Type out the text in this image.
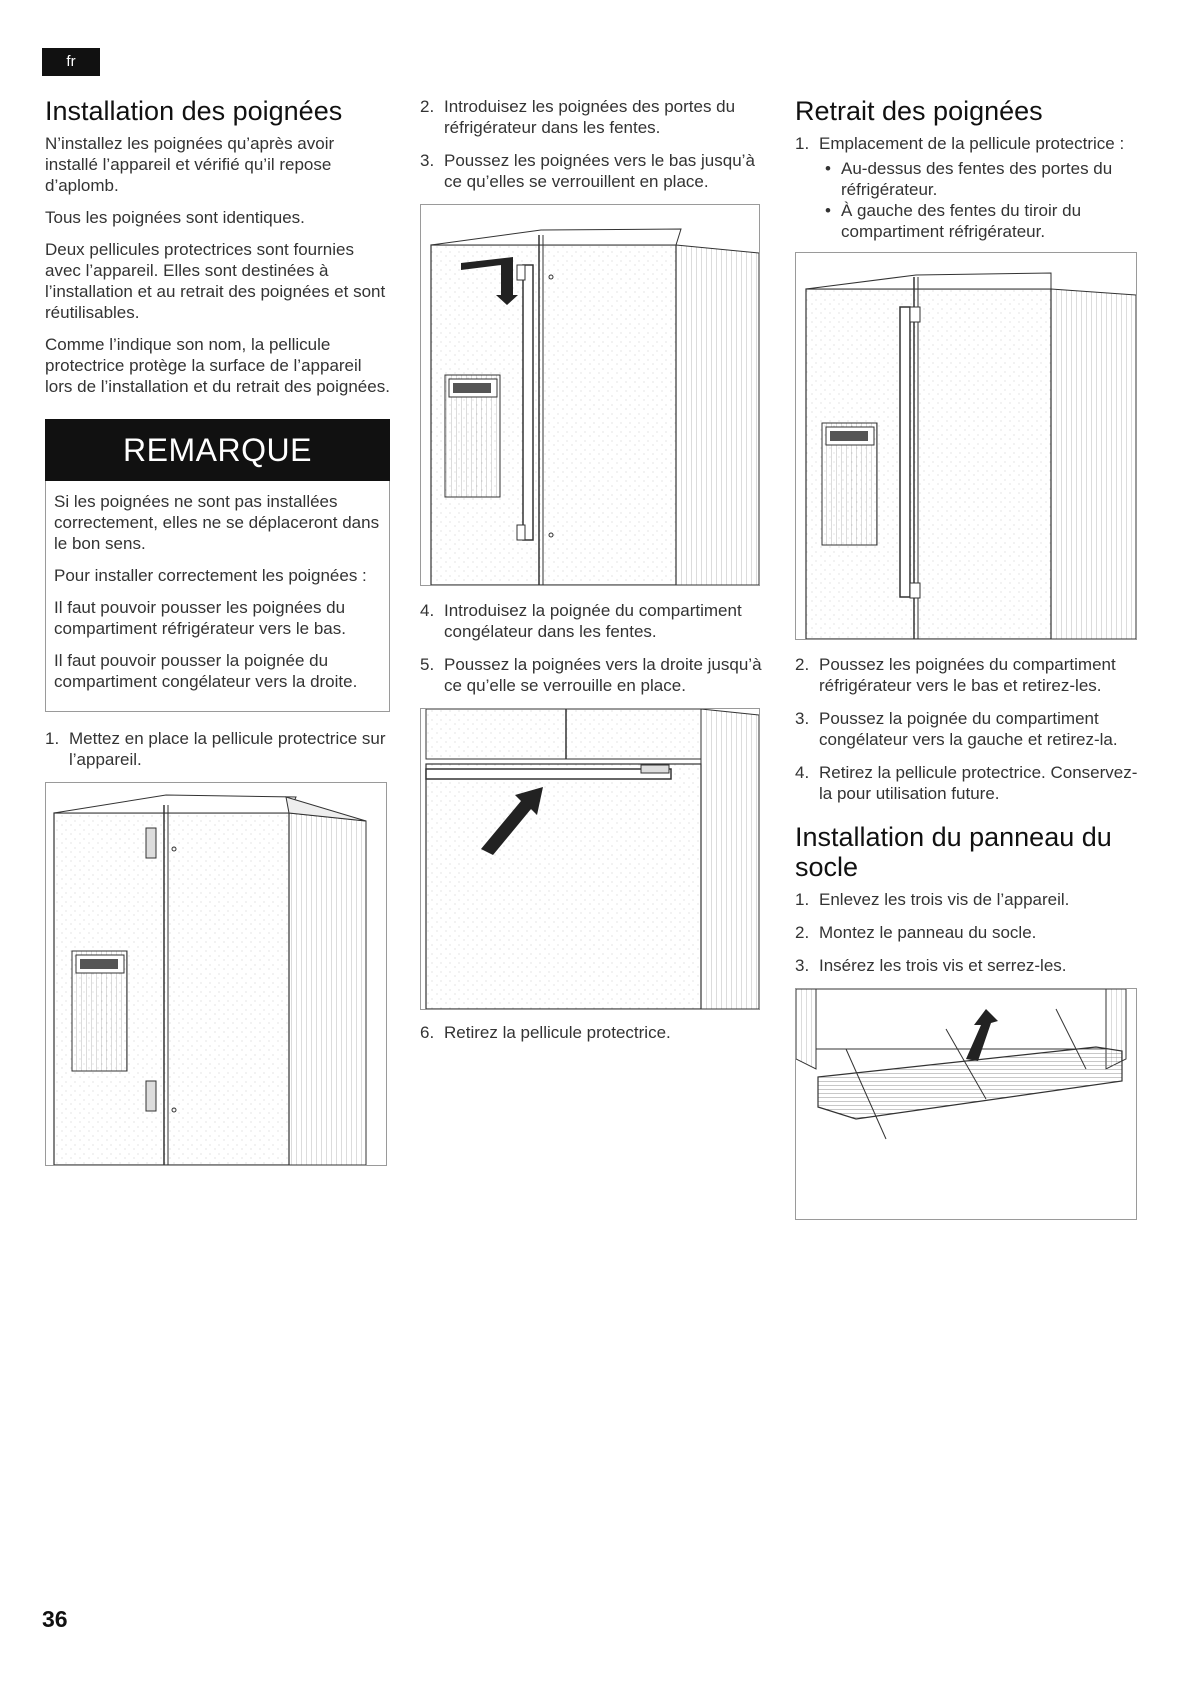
fr
Installation des poignées

N’installez les poignées qu’après avoir installé l’appareil et vérifié qu’il repose d’aplomb.

Tous les poignées sont identiques.

Deux pellicules protectrices sont fournies avec l’appareil. Elles sont destinées à l’installation et au retrait des poignées et sont réutilisables.

Comme l’indique son nom, la pellicule protectrice protège la surface de l’appareil lors de l’installation et du retrait des poignées.

REMARQUE

Si les poignées ne sont pas installées correctement, elles ne se déplaceront dans le bon sens.

Pour installer correctement les poignées :

Il faut pouvoir pousser les poignées du compartiment réfrigérateur vers le bas.

Il faut pouvoir pousser la poignée du compartiment congélateur vers la droite.

1. Mettez en place la pellicule protectrice sur l’appareil.
2. Introduisez les poignées des portes du réfrigérateur dans les fentes.
3. Poussez les poignées vers le bas jusqu’à ce qu’elles se verrouillent en place.
4. Introduisez la poignée du compartiment congélateur dans les fentes.
5. Poussez la poignées vers la droite jusqu’à ce qu’elle se verrouille en place.
6. Retirez la pellicule protectrice.
Retrait des poignées
1. Emplacement de la pellicule protectrice :
• Au-dessus des fentes des portes du réfrigérateur.
• À gauche des fentes du tiroir du compartiment réfrigérateur.
2. Poussez les poignées du compartiment réfrigérateur vers le bas et retirez-les.
3. Poussez la poignée du compartiment congélateur vers la gauche et retirez-la.
4. Retirez la pellicule protectrice. Conservez-la pour utilisation future.
Installation du panneau du socle
1. Enlevez les trois vis de l’appareil.
2. Montez le panneau du socle.
3. Insérez les trois vis et serrez-les.
36
